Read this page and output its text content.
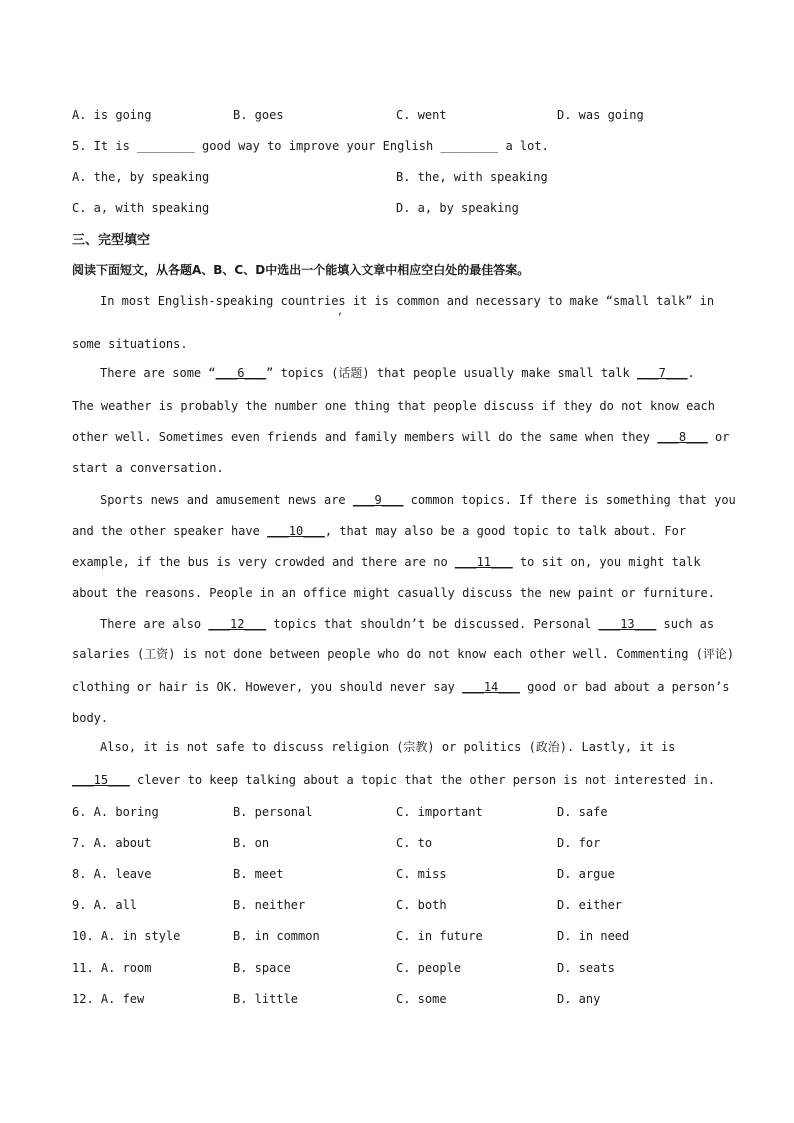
A. is going	B. goes	C. went	D. was going
5. It is ________ good way to improve your English ________ a lot.
A. the, by speaking	B. the, with speaking
C. a, with speaking	D. a, by speaking
三、完型填空
阅读下面短文，从各题A、B、C、D中选出一个能填入文章中相应空白处的最佳答案。
In most English-speaking countries it is common and necessary to make “small talk” in
,
some situations.
There are some “___6___” topics (话题) that people usually make small talk ___7___.
The weather is probably the number one thing that people discuss if they do not know each
other well. Sometimes even friends and family members will do the same when they ___8___ or
start a conversation.
Sports news and amusement news are ___9___ common topics. If there is something that you
and the other speaker have ___10___, that may also be a good topic to talk about. For
example, if the bus is very crowded and there are no ___11___ to sit on, you might talk
about the reasons. People in an office might casually discuss the new paint or furniture.
There are also ___12___ topics that shouldn’t be discussed. Personal ___13___ such as
salaries (工资) is not done between people who do not know each other well. Commenting (评论)
clothing or hair is OK. However, you should never say ___14___ good or bad about a person’s
body.
Also, it is not safe to discuss religion (宗教) or politics (政治). Lastly, it is
___15___ clever to keep talking about a topic that the other person is not interested in.
6. A. boring	B. personal	C. important	D. safe
7. A. about	B. on	C. to	D. for
8. A. leave	B. meet	C. miss	D. argue
9. A. all	B. neither	C. both	D. either
10. A. in style	B. in common	C. in future	D. in need
11. A. room	B. space	C. people	D. seats
12. A. few	B. little	C. some	D. any
